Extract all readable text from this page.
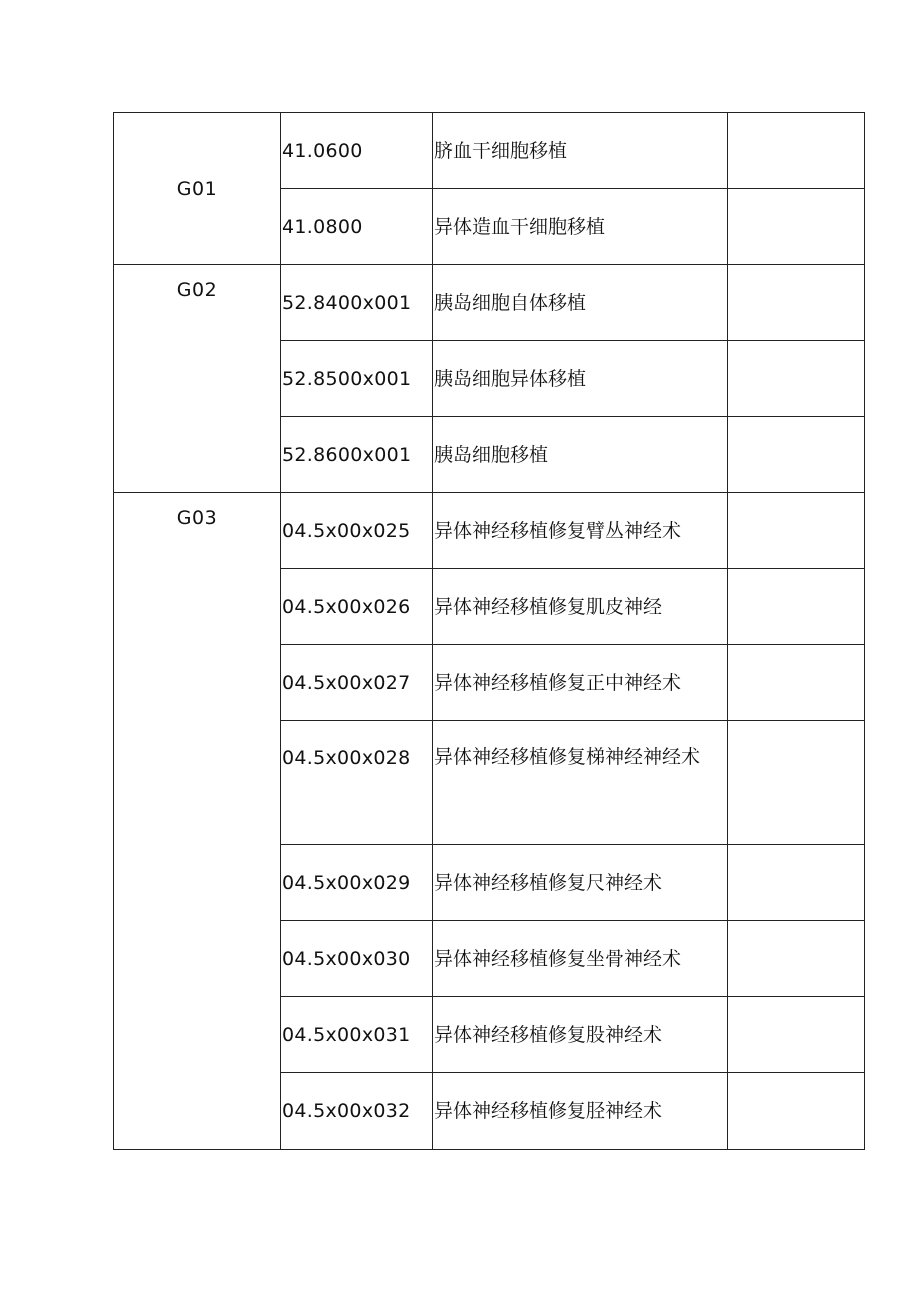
G01	41.0600	脐血干细胞移植	
	41.0800	异体造血干细胞移植	

G02	52.8400x001	胰岛细胞自体移植	
	52.8500x001	胰岛细胞异体移植	
	52.8600x001	胰岛细胞移植	

G03	04.5x00x025	异体神经移植修复臂丛神经术	
	04.5x00x026	异体神经移植修复肌皮神经	
	04.5x00x027	异体神经移植修复正中神经术	

	04.5x00x028	异体神经移植修复梯神经神经术	

	04.5x00x029	异体神经移植修复尺神经术	
	04.5x00x030	异体神经移植修复坐骨神经术	
	04.5x00x031	异体神经移植修复股神经术	
	04.5x00x032	异体神经移植修复胫神经术	
